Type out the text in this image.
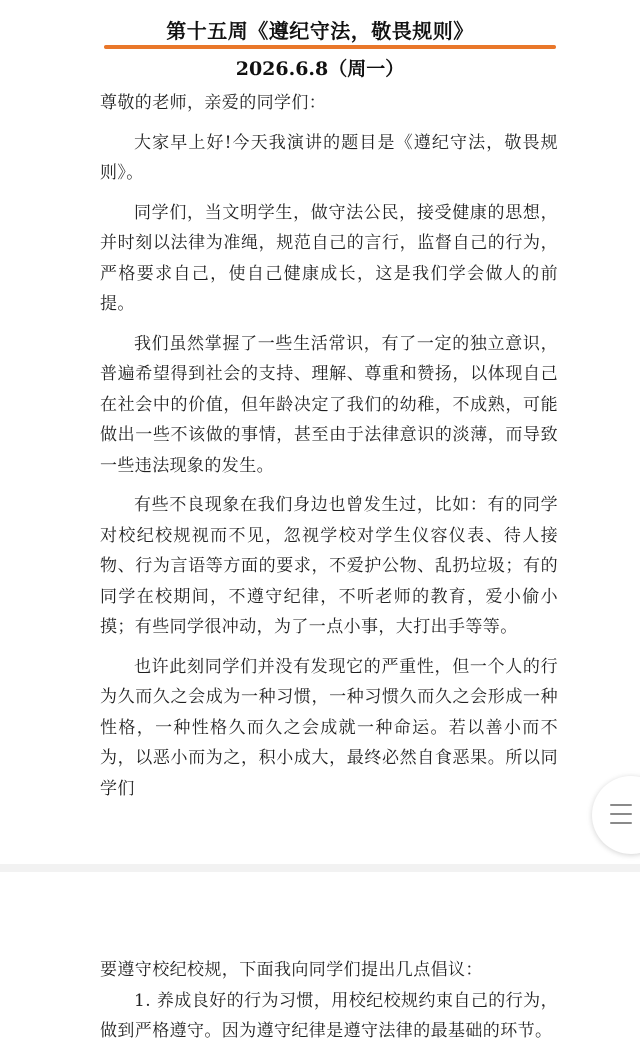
第十五周《遵纪守法，敬畏规则》
2026.6.8（周一）

尊敬的老师，亲爱的同学们：

大家早上好!今天我演讲的题目是《遵纪守法，敬畏规则》。

同学们，当文明学生，做守法公民，接受健康的思想，并时刻以法律为准绳，规范自己的言行，监督自己的行为，严格要求自己，使自己健康成长，这是我们学会做人的前提。

我们虽然掌握了一些生活常识，有了一定的独立意识，普遍希望得到社会的支持、理解、尊重和赞扬，以体现自己在社会中的价值，但年龄决定了我们的幼稚，不成熟，可能做出一些不该做的事情，甚至由于法律意识的淡薄，而导致一些违法现象的发生。

有些不良现象在我们身边也曾发生过，比如：有的同学对校纪校规视而不见，忽视学校对学生仪容仪表、待人接物、行为言语等方面的要求，不爱护公物、乱扔垃圾；有的同学在校期间，不遵守纪律，不听老师的教育，爱小偷小摸；有些同学很冲动，为了一点小事，大打出手等等。

也许此刻同学们并没有发现它的严重性，但一个人的行为久而久之会成为一种习惯，一种习惯久而久之会形成一种性格，一种性格久而久之会成就一种命运。若以善小而不为，以恶小而为之，积小成大，最终必然自食恶果。所以同学们

要遵守校纪校规，下面我向同学们提出几点倡议：

1. 养成良好的行为习惯，用校纪校规约束自己的行为，做到严格遵守。因为遵守纪律是遵守法律的最基础的环节。
